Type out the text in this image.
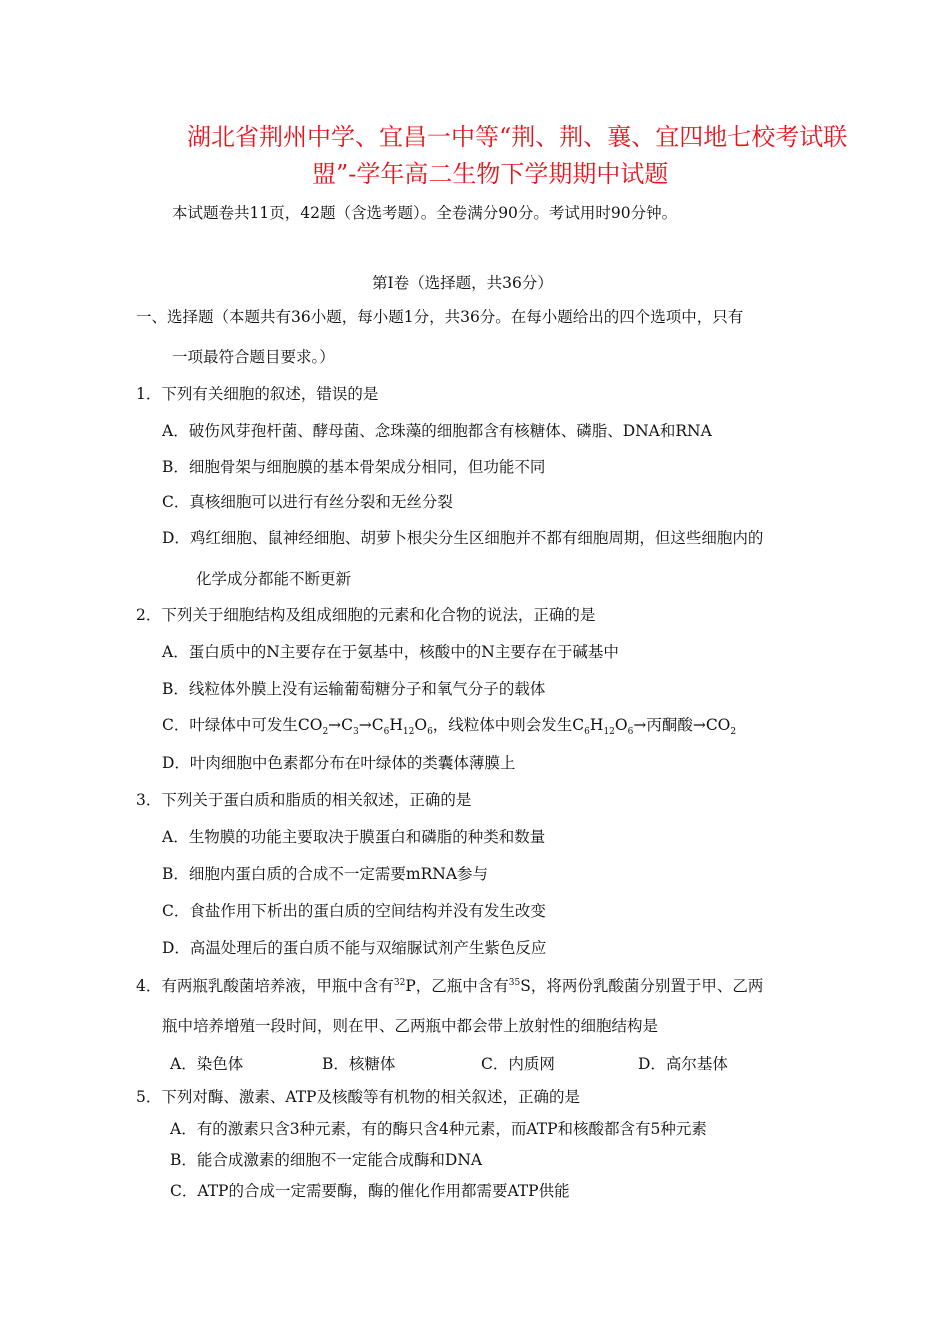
湖北省荆州中学、宜昌一中等“荆、荆、襄、宜四地七校考试联
盟”-学年高二生物下学期期中试题
本试题卷共11页，42题（含选考题）。全卷满分90分。考试用时90分钟。
第Ⅰ卷（选择题，共36分）
一、选择题（本题共有36小题，每小题1分，共36分。在每小题给出的四个选项中，只有
一项最符合题目要求。）
1．下列有关细胞的叙述，错误的是
A．破伤风芽孢杆菌、酵母菌、念珠藻的细胞都含有核糖体、磷脂、DNA和RNA
B．细胞骨架与细胞膜的基本骨架成分相同，但功能不同
C．真核细胞可以进行有丝分裂和无丝分裂
D．鸡红细胞、鼠神经细胞、胡萝卜根尖分生区细胞并不都有细胞周期，但这些细胞内的
化学成分都能不断更新
2．下列关于细胞结构及组成细胞的元素和化合物的说法，正确的是
A．蛋白质中的N主要存在于氨基中，核酸中的N主要存在于碱基中
B．线粒体外膜上没有运输葡萄糖分子和氧气分子的载体
C．叶绿体中可发生$CO_2\to C_3\to C_6H_{12}O_6$，线粒体中则会发生$C_6H_{12}O_6\to$丙酮酸$\to CO_2$
D．叶肉细胞中色素都分布在叶绿体的类囊体薄膜上
3．下列关于蛋白质和脂质的相关叙述，正确的是
A．生物膜的功能主要取决于膜蛋白和磷脂的种类和数量
B．细胞内蛋白质的合成不一定需要mRNA参与
C．食盐作用下析出的蛋白质的空间结构并没有发生改变
D．高温处理后的蛋白质不能与双缩脲试剂产生紫色反应
4．有两瓶乳酸菌培养液，甲瓶中含有$^{32}$P，乙瓶中含有$^{35}$S，将两份乳酸菌分别置于甲、乙两
瓶中培养增殖一段时间，则在甲、乙两瓶中都会带上放射性的细胞结构是
A．染色体	B．核糖体	C．内质网	D．高尔基体
5．下列对酶、激素、ATP及核酸等有机物的相关叙述，正确的是
A．有的激素只含3种元素，有的酶只含4种元素，而ATP和核酸都含有5种元素
B．能合成激素的细胞不一定能合成酶和DNA
C．ATP的合成一定需要酶，酶的催化作用都需要ATP供能
